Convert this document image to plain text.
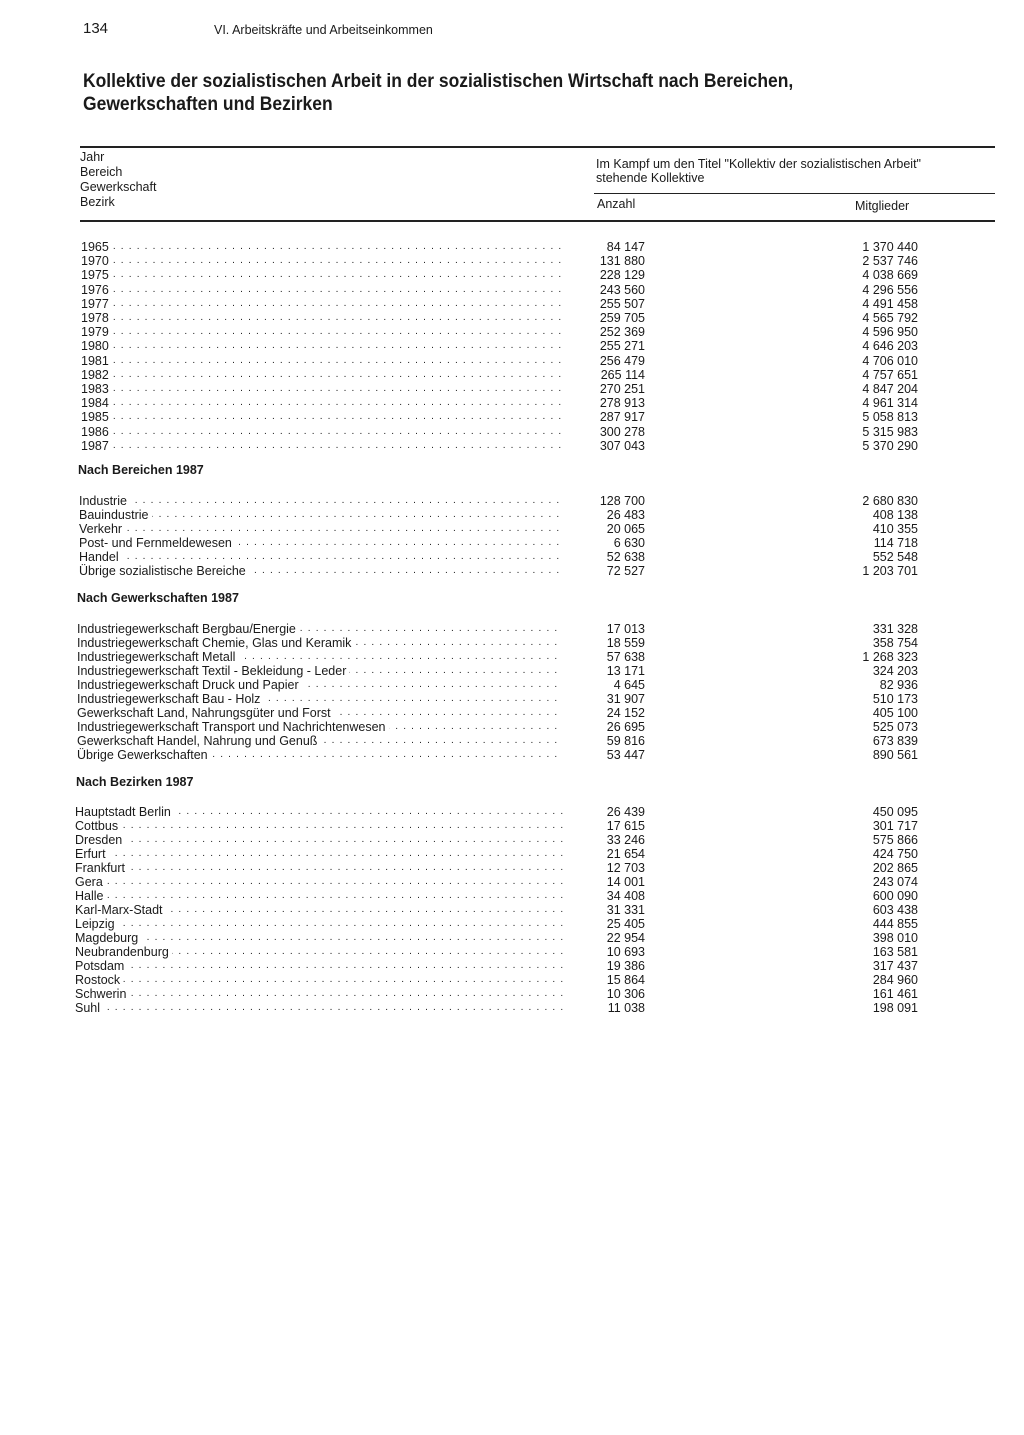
134	VI. Arbeitskräfte und Arbeitseinkommen
Kollektive der sozialistischen Arbeit in der sozialistischen Wirtschaft nach Bereichen,
Gewerkschaften und Bezirken
Jahr
Bereich
Gewerkschaft
Bezirk
Im Kampf um den Titel "Kollektiv der sozialistischen Arbeit"
stehende Kollektive
Anzahl	Mitglieder
1965 . . .	84 147	1 370 440
1970 . . .	131 880	2 537 746
1975 . . .	228 129	4 038 669
1976 . . .	243 560	4 296 556
1977 . . .	255 507	4 491 458
1978 . . .	259 705	4 565 792
1979 . . .	252 369	4 596 950
1980 . . .	255 271	4 646 203
1981 . . .	256 479	4 706 010
1982 . . .	265 114	4 757 651
1983 . . .	270 251	4 847 204
1984 . . .	278 913	4 961 314
1985 . . .	287 917	5 058 813
1986 . . .	300 278	5 315 983
1987 . . .	307 043	5 370 290
Nach Bereichen 1987
Industrie . . .	128 700	2 680 830
Bauindustrie . . .	26 483	408 138
Verkehr . . .	20 065	410 355
Post- und Fernmeldewesen . . .	6 630	114 718
Handel . . .	52 638	552 548
Übrige sozialistische Bereiche . . .	72 527	1 203 701
Nach Gewerkschaften 1987
Industriegewerkschaft Bergbau/Energie . . .	17 013	331 328
Industriegewerkschaft Chemie, Glas und Keramik . . .	18 559	358 754
Industriegewerkschaft Metall . . .	57 638	1 268 323
Industriegewerkschaft Textil - Bekleidung - Leder . . .	13 171	324 203
Industriegewerkschaft Druck und Papier . . .	4 645	82 936
Industriegewerkschaft Bau - Holz . . .	31 907	510 173
Gewerkschaft Land, Nahrungsgüter und Forst . . .	24 152	405 100
Industriegewerkschaft Transport und Nachrichtenwesen . . .	26 695	525 073
Gewerkschaft Handel, Nahrung und Genuß . . .	59 816	673 839
Übrige Gewerkschaften . . .	53 447	890 561
Nach Bezirken 1987
Hauptstadt Berlin . . .	26 439	450 095
Cottbus . . .	17 615	301 717
Dresden . . .	33 246	575 866
Erfurt . . .	21 654	424 750
Frankfurt . . .	12 703	202 865
Gera . . .	14 001	243 074
Halle . . .	34 408	600 090
Karl-Marx-Stadt . . .	31 331	603 438
Leipzig . . .	25 405	444 855
Magdeburg . . .	22 954	398 010
Neubrandenburg . . .	10 693	163 581
Potsdam . . .	19 386	317 437
Rostock . . .	15 864	284 960
Schwerin . . .	10 306	161 461
Suhl . . .	11 038	198 091
